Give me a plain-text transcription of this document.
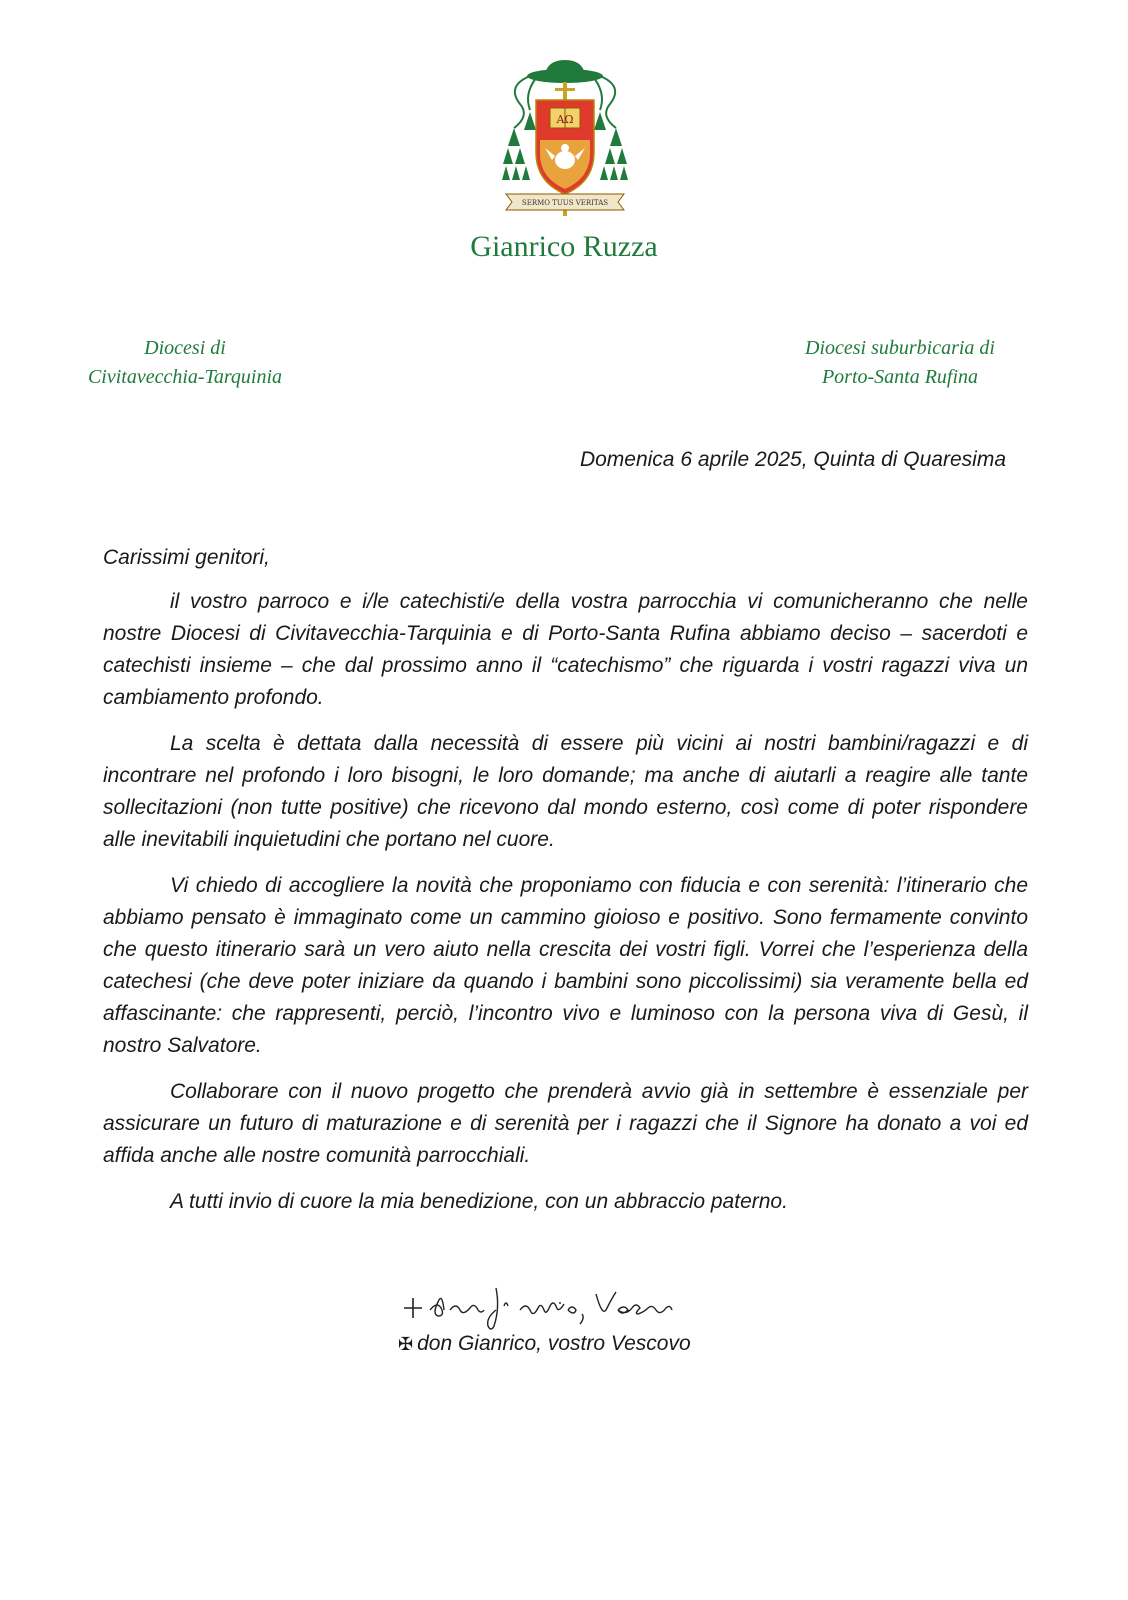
AΩ
SERMO TUUS VERITAS
Gianrico Ruzza
Diocesi di
Civitavecchia-Tarquinia
Diocesi suburbicaria di
Porto-Santa Rufina
Domenica 6 aprile 2025, Quinta di Quaresima

Carissimi genitori,

il vostro parroco e i/le catechisti/e della vostra parrocchia vi comunicheranno che nelle nostre Diocesi di Civitavecchia-Tarquinia e di Porto-Santa Rufina abbiamo deciso – sacerdoti e catechisti insieme – che dal prossimo anno il “catechismo” che riguarda i vostri ragazzi viva un cambiamento profondo.

La scelta è dettata dalla necessità di essere più vicini ai nostri bambini/ragazzi e di incontrare nel profondo i loro bisogni, le loro domande; ma anche di aiutarli a reagire alle tante sollecitazioni (non tutte positive) che ricevono dal mondo esterno, così come di poter rispondere alle inevitabili inquietudini che portano nel cuore.

Vi chiedo di accogliere la novità che proponiamo con fiducia e con serenità: l’itinerario che abbiamo pensato è immaginato come un cammino gioioso e positivo. Sono fermamente convinto che questo itinerario sarà un vero aiuto nella crescita dei vostri figli. Vorrei che l’esperienza della catechesi (che deve poter iniziare da quando i bambini sono piccolissimi) sia veramente bella ed affascinante: che rappresenti, perciò, l’incontro vivo e luminoso con la persona viva di Gesù, il nostro Salvatore.

Collaborare con il nuovo progetto che prenderà avvio già in settembre è essenziale per assicurare un futuro di maturazione e di serenità per i ragazzi che il Signore ha donato a voi ed affida anche alle nostre comunità parrocchiali.

A tutti invio di cuore la mia benedizione, con un abbraccio paterno.

✠ don Gianrico, vostro Vescovo
